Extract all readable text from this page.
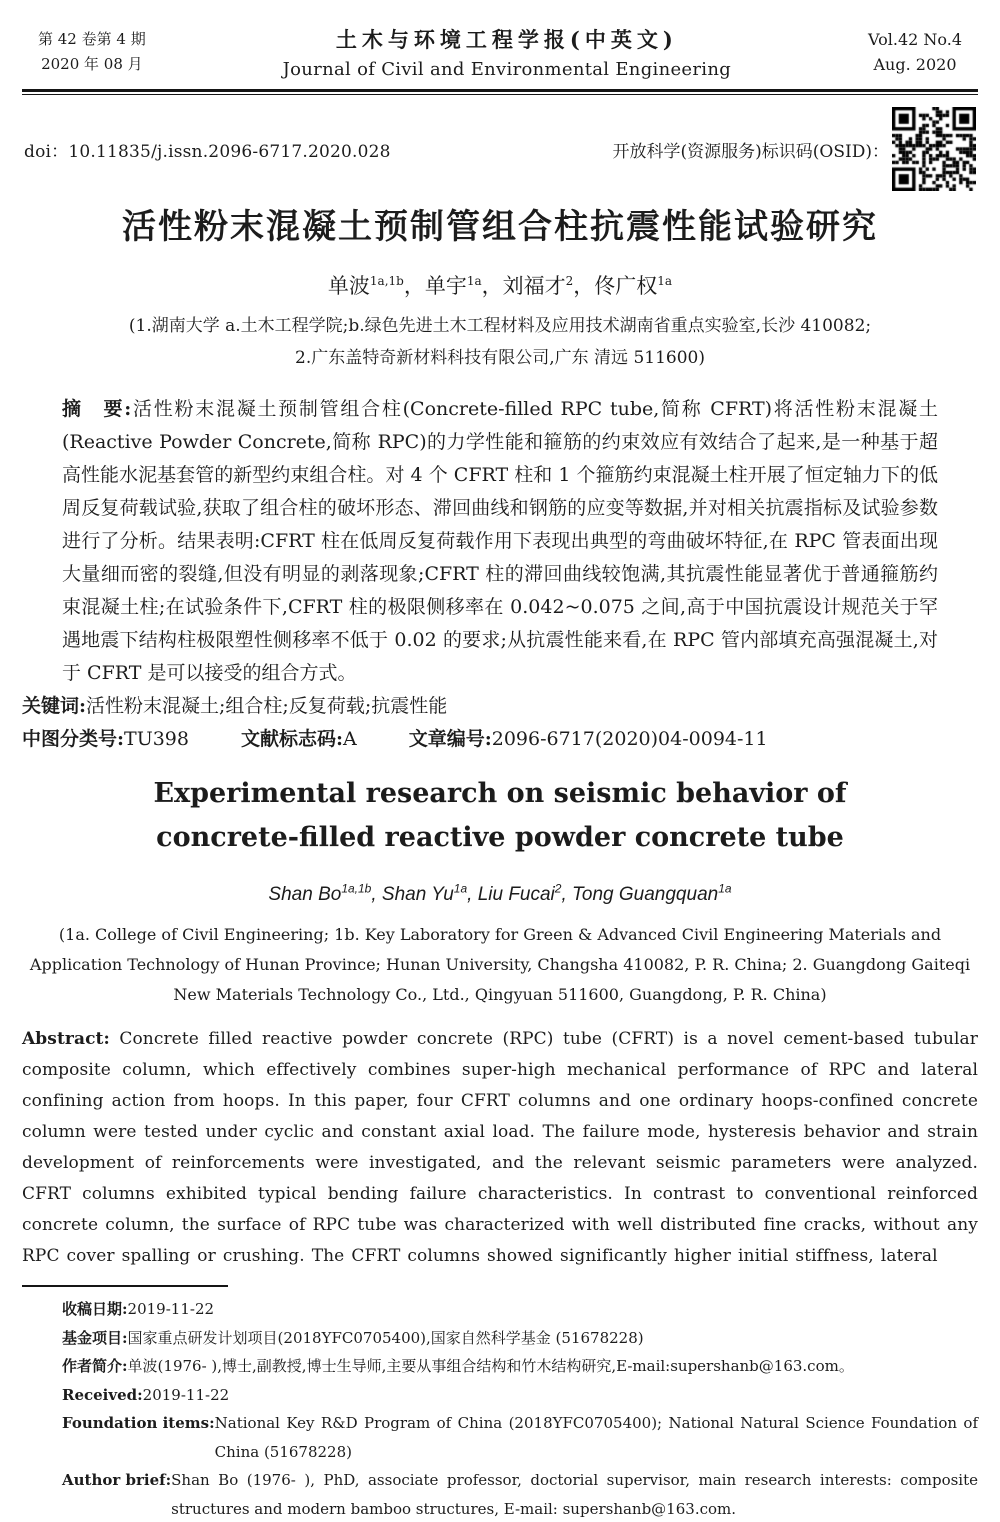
第 42 卷第 4 期
2020 年 08 月
土木与环境工程学报(中英文)
Journal of Civil and Environmental Engineering
Vol.42 No.4
Aug. 2020
doi：10.11835/j.issn.2096-6717.2020.028	开放科学(资源服务)标识码(OSID)：
活性粉末混凝土预制管组合柱抗震性能试验研究
单波$^{1a,1b}$，单宇$^{1a}$，刘福才$^2$，佟广权$^{1a}$
(1.湖南大学 a.土木工程学院;b.绿色先进土木工程材料及应用技术湖南省重点实验室,长沙 410082;
2.广东盖特奇新材料科技有限公司,广东 清远 511600)

摘　要:活性粉末混凝土预制管组合柱(Concrete-filled RPC tube,简称 CFRT)将活性粉末混凝土(Reactive Powder Concrete,简称 RPC)的力学性能和箍筋的约束效应有效结合了起来,是一种基于超高性能水泥基套管的新型约束组合柱。对 4 个 CFRT 柱和 1 个箍筋约束混凝土柱开展了恒定轴力下的低周反复荷载试验,获取了组合柱的破坏形态、滞回曲线和钢筋的应变等数据,并对相关抗震指标及试验参数进行了分析。结果表明:CFRT 柱在低周反复荷载作用下表现出典型的弯曲破坏特征,在 RPC 管表面出现大量细而密的裂缝,但没有明显的剥落现象;CFRT 柱的滞回曲线较饱满,其抗震性能显著优于普通箍筋约束混凝土柱;在试验条件下,CFRT 柱的极限侧移率在 0.042~0.075 之间,高于中国抗震设计规范关于罕遇地震下结构柱极限塑性侧移率不低于 0.02 的要求;从抗震性能来看,在 RPC 管内部填充高强混凝土,对于 CFRT 是可以接受的组合方式。

关键词:活性粉末混凝土;组合柱;反复荷载;抗震性能

中图分类号:TU398	文献标志码:A	文章编号:2096-6717(2020)04-0094-11

Experimental research on seismic behavior of concrete-filled reactive powder concrete tube
Shan $Bo^{1a,1b}$, Shan $Yu^{1a}$, Liu Fucai$^2$, Tong Guangquan$^{1a}$
(1a. College of Civil Engineering; 1b. Key Laboratory for Green & Advanced Civil Engineering Materials and Application Technology of Hunan Province; Hunan University, Changsha 410082, P. R. China; 2. Guangdong Gaiteqi New Materials Technology Co., Ltd., Qingyuan 511600, Guangdong, P. R. China)

Abstract: Concrete filled reactive powder concrete (RPC) tube (CFRT) is a novel cement-based tubular composite column, which effectively combines super-high mechanical performance of RPC and lateral confining action from hoops. In this paper, four CFRT columns and one ordinary hoops-confined concrete column were tested under cyclic and constant axial load. The failure mode, hysteresis behavior and strain development of reinforcements were investigated, and the relevant seismic parameters were analyzed. CFRT columns exhibited typical bending failure characteristics. In contrast to conventional reinforced concrete column, the surface of RPC tube was characterized with well distributed fine cracks, without any RPC cover spalling or crushing. The CFRT columns showed significantly higher initial stiffness, lateral

收稿日期: 2019-11-22
基金项目: 国家重点研发计划项目(2018YFC0705400),国家自然科学基金 (51678228)
作者简介: 单波(1976- ),博士,副教授,博士生导师,主要从事组合结构和竹木结构研究,E-mail:supershanb@163.com。
Received: 2019-11-22
Foundation items: National Key R&D Program of China (2018YFC0705400); National Natural Science Foundation of China (51678228)
Author brief: Shan Bo (1976- ), PhD, associate professor, doctorial supervisor, main research interests: composite structures and modern bamboo structures, E-mail: supershanb@163.com.
